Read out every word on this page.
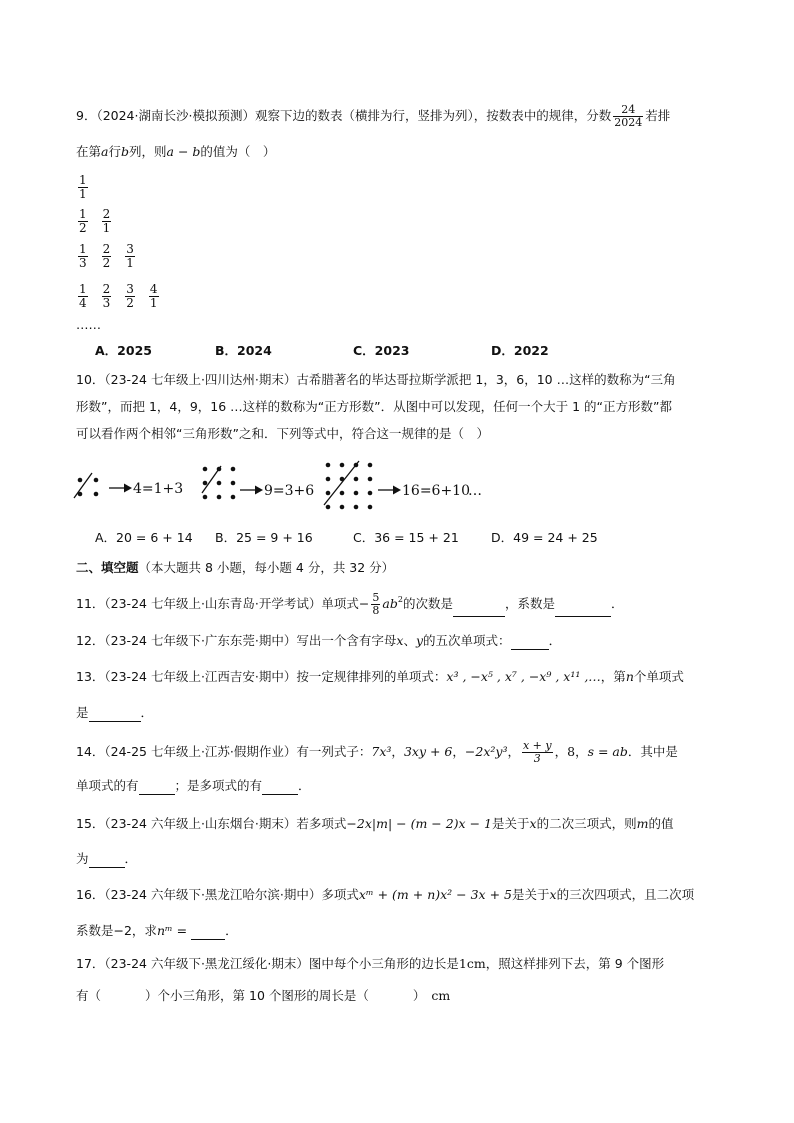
9．（2024·湖南长沙·模拟预测）观察下边的数表（横排为行，竖排为列），按数表中的规律，分数 $\frac{24}{2024}$ 若排
在第a行b列，则a − b的值为（　）
$\frac{1}{1}$
$\frac{1}{2} \frac{2}{1}$
$\frac{1}{3} \frac{2}{2} \frac{3}{1}$
$\frac{1}{4} \frac{2}{3} \frac{3}{2} \frac{4}{1}$
……
A．2025	B．2024	C．2023	D．2022
10．（23-24 七年级上·四川达州·期末）古希腊著名的毕达哥拉斯学派把 1，3，6，10 …这样的数称为“三角
形数”，而把 1，4，9，16 …这样的数称为“正方形数”．从图中可以发现，任何一个大于 1 的“正方形数”都
可以看作两个相邻“三角形数”之和．下列等式中，符合这一规律的是（　）
4=1+3	9=3+6	16=6+10
…
A．20 = 6 + 14 B．25 = 9 + 16	C．36 = 15 + 21	D．49 = 24 + 25
二、填空题（本大题共 8 小题，每小题 4 分，共 32 分）
11．（23-24 七年级上·山东青岛·开学考试）单项式− $\frac{5}{8} ab^2$的次数是	，系数是	．
12．（23-24 七年级下·广东东莞·期中）写出一个含有字母x、y的五次单项式：	．
13．（23-24 七年级上·江西吉安·期中）按一定规律排列的单项式：x³ , −x⁵ , x⁷ , −x⁹ , x¹¹ ,…，第n个单项式
是	．
14．（24-25 七年级上·江苏·假期作业）有一列式子：7x³，3xy + 6，−2x²y³， $\frac{x + y}{3}$ ，8，s = ab．其中是
单项式的有	；是多项式的有	．
15．（23-24 六年级上·山东烟台·期末）若多项式−2x|m| − (m − 2)x − 1是关于x的二次三项式，则m的值
为	．
16．（23-24 六年级下·黑龙江哈尔滨·期中）多项式xᵐ + (m + n)x² − 3x + 5是关于x的三次四项式，且二次项
系数是−2，求nᵐ =	．
17．（23-24 六年级下·黑龙江绥化·期末）图中每个小三角形的边长是1cm，照这样排列下去，第 9 个图形
有（	）个小三角形，第 10 个图形的周长是（	） cm
